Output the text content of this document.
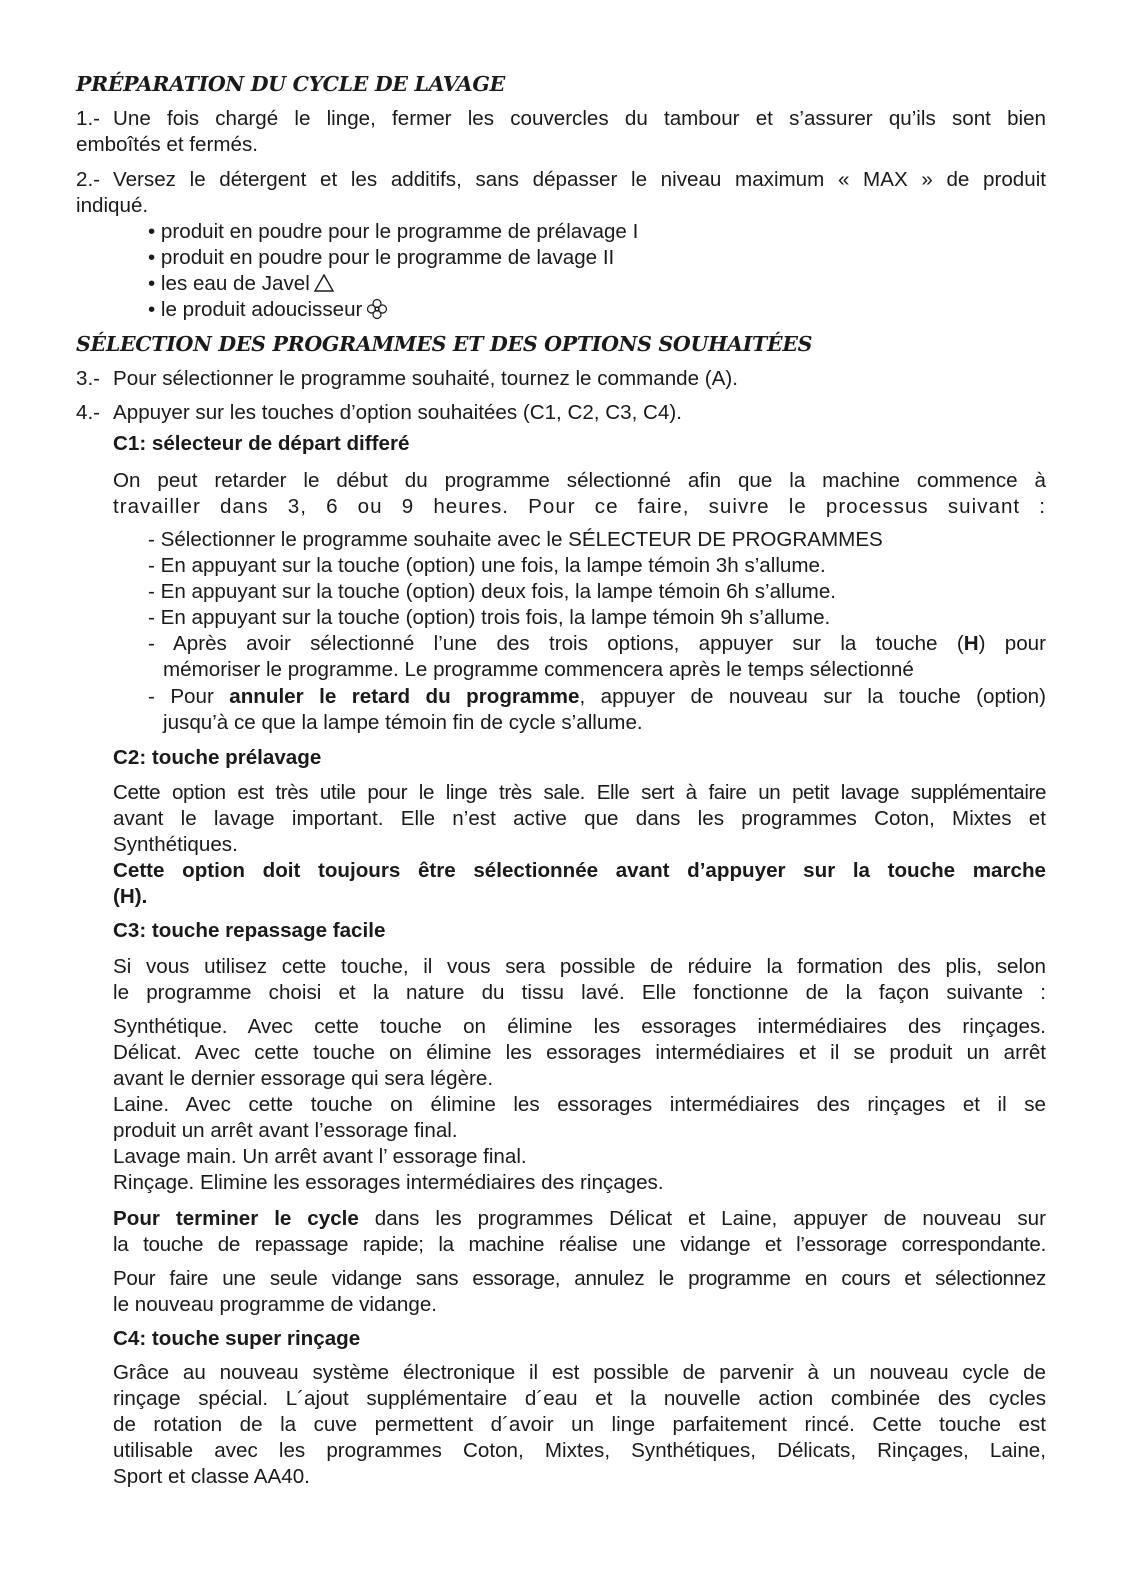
PRÉPARATION DU CYCLE DE LAVAGE
1.- Une fois chargé le linge, fermer les couvercles du tambour et s’assurer qu’ils sont bien
emboîtés et fermés.
2.- Versez le détergent et les additifs, sans dépasser le niveau maximum « MAX » de produit
indiqué.
• produit en poudre pour le programme de prélavage I
• produit en poudre pour le programme de lavage II
• les eau de Javel
• le produit adoucisseur
SÉLECTION DES PROGRAMMES ET DES OPTIONS SOUHAITÉES
3.- Pour sélectionner le programme souhaité, tournez le commande (A).
4.- Appuyer sur les touches d’option souhaitées (C1, C2, C3, C4).
C1: sélecteur de départ differé
On peut retarder le début du programme sélectionné afin que la machine commence à
travailler dans 3, 6 ou 9 heures. Pour ce faire, suivre le processus suivant :
- Sélectionner le programme souhaite avec le SÉLECTEUR DE PROGRAMMES
- En appuyant sur la touche (option) une fois, la lampe témoin 3h s’allume.
- En appuyant sur la touche (option) deux fois, la lampe témoin 6h s’allume.
- En appuyant sur la touche (option) trois fois, la lampe témoin 9h s’allume.
- Après avoir sélectionné l’une des trois options, appuyer sur la touche (H) pour
mémoriser le programme. Le programme commencera après le temps sélectionné
- Pour annuler le retard du programme, appuyer de nouveau sur la touche (option)
jusqu’à ce que la lampe témoin fin de cycle s’allume.
C2: touche prélavage
Cette option est très utile pour le linge très sale. Elle sert à faire un petit lavage supplémentaire
avant le lavage important. Elle n’est active que dans les programmes Coton, Mixtes et
Synthétiques.
Cette option doit toujours être sélectionnée avant d’appuyer sur la touche marche
(H).
C3: touche repassage facile
Si vous utilisez cette touche, il vous sera possible de réduire la formation des plis, selon
le programme choisi et la nature du tissu lavé. Elle fonctionne de la façon suivante :
Synthétique. Avec cette touche on élimine les essorages intermédiaires des rinçages.
Délicat. Avec cette touche on élimine les essorages intermédiaires et il se produit un arrêt
avant le dernier essorage qui sera légère.
Laine. Avec cette touche on élimine les essorages intermédiaires des rinçages et il se
produit un arrêt avant l’essorage final.
Lavage main. Un arrêt avant l’ essorage final.
Rinçage. Elimine les essorages intermédiaires des rinçages.
Pour terminer le cycle dans les programmes Délicat et Laine, appuyer de nouveau sur
la touche de repassage rapide; la machine réalise une vidange et l’essorage correspondante.
Pour faire une seule vidange sans essorage, annulez le programme en cours et sélectionnez
le nouveau programme de vidange.
C4: touche super rinçage
Grâce au nouveau système électronique il est possible de parvenir à un nouveau cycle de
rinçage spécial. L´ajout supplémentaire d´eau et la nouvelle action combinée des cycles
de rotation de la cuve permettent d´avoir un linge parfaitement rincé. Cette touche est
utilisable avec les programmes Coton, Mixtes, Synthétiques, Délicats, Rinçages, Laine,
Sport et classe AA40.
